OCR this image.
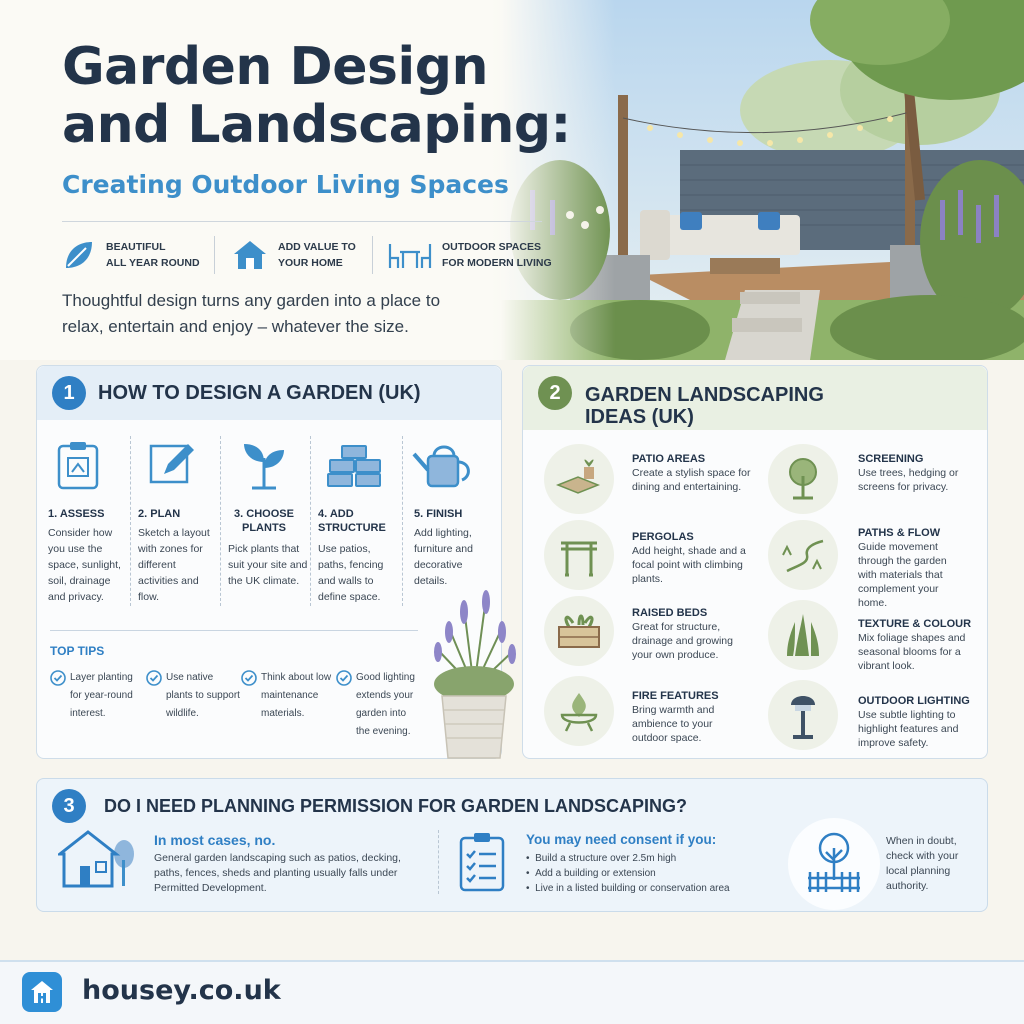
Garden Design
and Landscaping:
Creating Outdoor Living Spaces
BEAUTIFUL
ALL YEAR ROUND
ADD VALUE TO
YOUR HOME
OUTDOOR SPACES
FOR MODERN LIVING
Thoughtful design turns any garden into a place to relax, entertain and enjoy – whatever the size.
1	HOW TO DESIGN A GARDEN (UK)
1. ASSESS
Consider how you use the space, sunlight, soil, drainage and privacy.
2. PLAN
Sketch a layout with zones for different activities and flow.
3. CHOOSE PLANTS
Pick plants that suit your site and the UK climate.
4. ADD STRUCTURE
Use patios, paths, fencing and walls to define space.
5. FINISH
Add lighting, furniture and decorative details.
TOP TIPS
Layer planting for year-round interest.
Use native plants to support wildlife.
Think about low maintenance materials.
Good lighting extends your garden into the evening.
2	GARDEN LANDSCAPING
IDEAS (UK)
PATIO AREAS
Create a stylish space for dining and entertaining.
PERGOLAS
Add height, shade and a focal point with climbing plants.
RAISED BEDS
Great for structure, drainage and growing your own produce.
FIRE FEATURES
Bring warmth and ambience to your outdoor space.
SCREENING
Use trees, hedging or screens for privacy.
PATHS & FLOW
Guide movement through the garden with materials that complement your home.
TEXTURE & COLOUR
Mix foliage shapes and seasonal blooms for a vibrant look.
OUTDOOR LIGHTING
Use subtle lighting to highlight features and improve safety.
3	DO I NEED PLANNING PERMISSION FOR GARDEN LANDSCAPING?
In most cases, no.
General garden landscaping such as patios, decking, paths, fences, sheds and planting usually falls under Permitted Development.
You may need consent if you:
•  Build a structure over 2.5m high
•  Add a building or extension
•  Live in a listed building or conservation area
When in doubt, check with your local planning authority.
housey.co.uk
